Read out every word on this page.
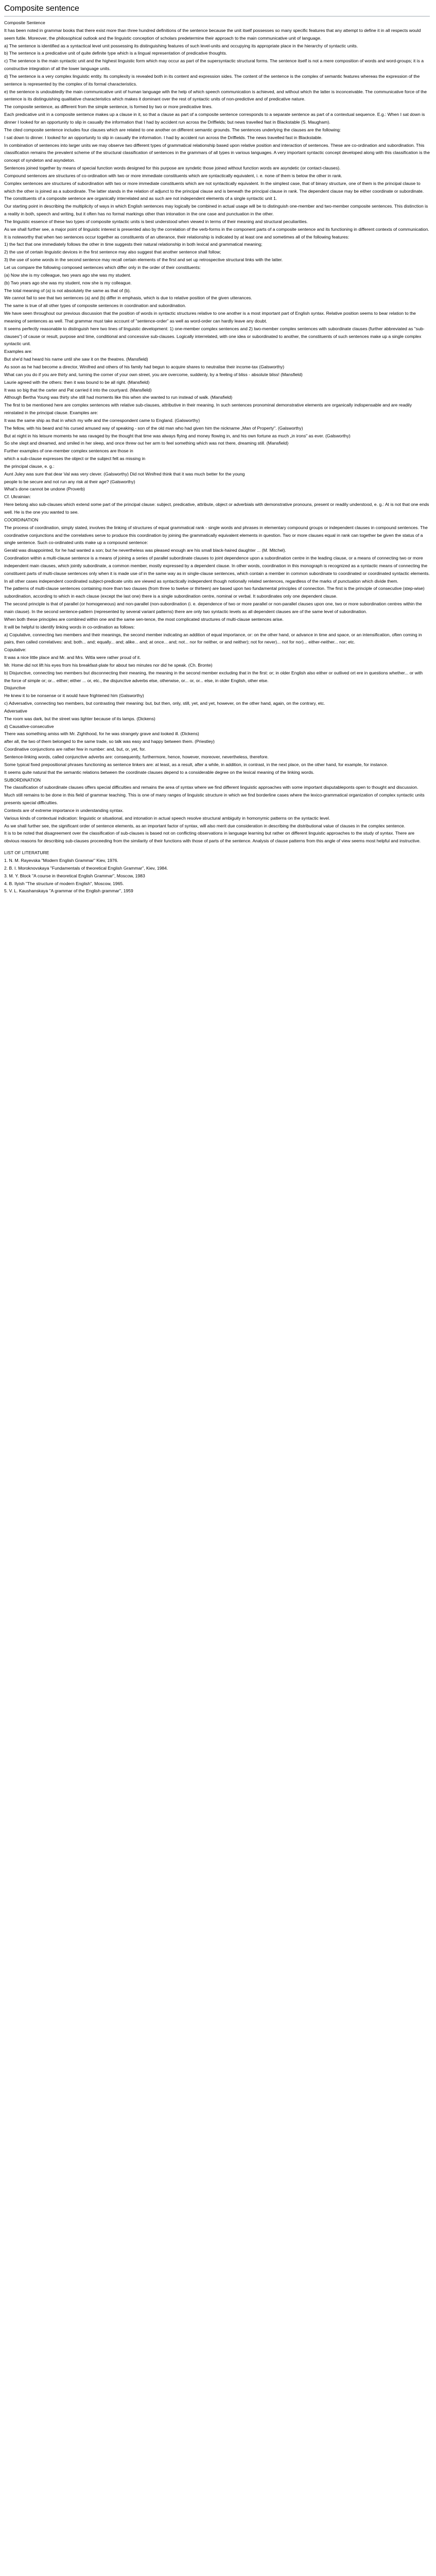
Composite sentence

Composite Sentence

It has been noted in grammar books that there exist more than three hundred definitions of the sentence because the unit itself possesses so many specific features that any attempt to define it in all respects would seem futile. Moreover, the philosophical outlook and the linguistic conception of scholars predetermine their approach to the main communicative unit of language.

a) The sentence is identified as a syntactical level unit possessing its distinguishing features of such level-units and occupying its appropriate place in the hierarchy of syntactic units.

b) The sentence is a predicative unit of quite definite type which is a lingual representation of predicative thoughts.

c) The sentence is the main syntactic unit and the highest linguistic form which may occur as part of the supersyntactic structural forms. The sentence itself is not a mere composition of words and word-groups; it is a constructive integration of all the lower language units.

d) The sentence is a very complex linguistic entity. Its complexity is revealed both in its content and expression sides. The content of the sentence is the complex of semantic features whereas the expression of the sentence is represented by the complex of its formal characteristics.

e) the sentence is undoubtedly the main communicative unit of human language with the help of which speech communication is achieved, and without which the latter is inconceivable. The communicative force of the sentence is its distinguishing qualitative characteristics which makes it dominant over the rest of syntactic units of non-predictive and of predicative nature.

The composite sentence, as different from the simple sentence, is formed by two or more predicative lines.

Each predicative unit in a composite sentence makes up a clause in it, so that a clause as part of a composite sentence corresponds to a separate sentence as part of a contextual sequence. E.g.: When I sat down is dinner I looked for an opportunity to slip in casually the information that I had by accident run across the Driffields; but news travelled fast in Blackstable (S. Maugham).

The cited composite sentence includes four clauses which are related to one another on different semantic grounds. The sentences underlying the clauses are the following:

I sat down to dinner. I looked for an opportunity to slip in casually the information. I had by accident run across the Driffields. The news travelled fast in Blackstable.

In combination of sentences into larger units we may observe two different types of grammatical relationship based upon relative position and interaction of sentences. These are co-ordination and subordination. This classification remains the prevalent scheme of the structural classification of sentences in the grammars of all types in various languages. A very important syntactic concept developed along with this classification is the concept of syndeton and asyndeton.

Sentences joined together by means of special function words designed for this purpose are syndetic those joined without function words are asyndetic (or contact-clauses).

Compound sentences are structures of co-ordination with two or more immediate constituents which are syntactically equivalent, i. e. none of them is below the other in rank.

Complex sentences are structures of subordination with two or more immediate constituents which are not syntactically equivalent. In the simplest case, that of binary structure, one of them is the principal clause to which the other is joined as a subordinate. The latter stands in the relation of adjunct to the principal clause and is beneath the principal clause in rank. The dependent clause may be either coordinate or subordinate.

The constituents of a composite sentence are organically interrelated and as such are not independent elements of a single syntactic unit 1.

Our starting point in describing the multiplicity of ways in which English sentences may logically be combined in actual usage will be to distinguish one-member and two-member composite sentences. This distinction is a reality in both, speech and writing, but it often has no formal markings other than intonation in the one case and punctuation in the other.

The linguistic essence of these two types of composite syntactic units is best understood when viewed in terms of their meaning and structural peculiarities.

As we shall further see, a major point of linguistic interest is presented also by the correlation of the verb-forms in the component parts of a composite sentence and its functioning in different contexts of communication.

It is noteworthy that when two sentences occur together as constituents of an utterance, their relationship is indicated by at least one and sometimes all of the following features:

1) the fact that one immediately follows the other in time suggests their natural relationship in both lexical and grammatical meaning;

2) the use of certain linguistic devices in the first sentence may also suggest that another sentence shall follow;

3) the use of some words in the second sentence may recall certain elements of the first and set up retrospective structural links with the latter.

Let us compare the following composed sentences which differ only in the order of their constituents:

(a) Now she is my colleague, two years ago she was my student.

(b) Two years ago she was my student, now she is my colleague.

The total meaning of (a) is not absolutely the same as that of (b).

We cannot fail to see that two sentences (a) and (b) differ in emphasis, which is due to relative position of the given utterances.

The same is true of all other types of composite sentences in coordination and subordination.

We have seen throughout our previous discussion that the position of words in syntactic structures relative to one another is a most important part of English syntax. Relative position seems to bear relation to the meaning of sentences as well. That grammar must take account of "sentence-order" as well as word-order can hardly leave any doubt.

It seems perfectly reasonable to distinguish here two lines of linguistic development: 1) one-member complex sentences and 2) two-member complex sentences with subordinate clauses (further abbreviated as "sub-clauses") of cause or result, purpose and time, conditional and concessive sub-clauses. Logically interrelated, with one idea or subordinated to another, the constituents of such sentences make up a single complex syntactic unit.

Examples are:

But she'd had heard his name until she saw it on the theatres. (Mansfield)

As soon as he had become a director, Winifred and others of his family had begun to acquire shares to neutralise their income-tax (Galsworthy)

What can you do if you are thirty and, turning the corner of your own street, you are overcome, suddenly, by a feeling of bliss - absolute bliss! (Mansfield)

Laurie agreed with the others: then it was bound to be all right. (Mansfield)

It was so big that the carter and Pat carried it into the courtyard. (Mansfield)

Although Bertha Young was thirty she still had moments like this when she wanted to run instead of walk. (Mansfield)

The first to be mentioned here are complex sentences with relative sub-clauses, attributive in their meaning. In such sentences pronominal demonstrative elements are organically indispensable and are readily reinstated in the principal clause. Examples are:

It was the same ship as that in which my wife and the correspondent came to England. (Galsworthy)

The fellow, with his beard and his cursed amused way of speaking - son of the old man who had given him the nickname „Man of Property". (Galsworthy)

But at night in his leisure moments he was ravaged by the thought that time was always flying and money flowing in, and his own fortune as much „in irons" as ever. (Galsworthy)

So she slept and dreamed, and smiled in her sleep, and once threw out her arm to feel something which was not there, dreaming still. (Mansfield)

Further examples of one-member complex sentences are those in

which a sub-clause expresses the object or the subject felt as missing in

the principal clause, e. g.:

Aunt Juley was sure that dear Val was very clever. (Galsworthy) Did not Winifred think that it was much better for the young

people to be secure and not run any risk at their age? (Galsworthy)

What's done cannot be undone (Proverb)

Cf. Ukrainian:

Here belong also sub-clauses which extend some part of the principal clause: subject, predicative, attribute, object or adverbials with demonstrative pronouns, present or readily understood, e. g.: At is not that one ends well. He is the one you wanted to see.

COORDINATION

The process of coordination, simply stated, involves the linking of structures of equal grammatical rank - single words and phrases in elementary compound groups or independent clauses in compound sentences. The coordinative conjunctions and the correlatives serve to produce this coordination by joining the grammatically equivalent elements in question. Two or more clauses equal in rank can together be given the status of a single sentence. Such co-ordinated units make up a compound sentence:

Gerald was disappointed, for he had wanted a son; but he nevertheless was pleased enough are his small black-haired daughter ... (M. Mitchel).

Coordination within a multi-clause sentence is a means of joining a series of parallel subordinate clauses to joint dependence upon a subordination centre in the leading clause, or a means of connecting two or more independent main clauses, which jointly subordinate, a common member, mostly expressed by a dependent clause. In other words, coordination in this monograph is recognized as a syntactic means of connecting the constituent parts of multi-clause sentences only when it is made use of in the same way as in single-clause sentences, which contain a member in common subordinate to coordinated or coordinated syntactic elements. In all other cases independent coordinated subject-predicate units are viewed as syntactically independent though notionally related sentences, regardless of the marks of punctuation which divide them.

The patterns of multi-clause sentences containing more than two clauses (from three to twelve or thirteen) are based upon two fundamental principles of connection. The first is the principle of consecutive (step-wise) subordination, according to which in each clause (except the last one) there is a single subordination centre, nominal or verbal. It subordinates only one dependent clause.

The second principle is that of parallel (or homogeneous) and non-parallel (non-subordination (i. e. dependence of two or more parallel or non-parallel clauses upon one, two or more subordination centres within the main clause). In the second sentence-pattern (represented by several variant patterns) there are only two syntactic levels as all dependent clauses are of the same level of subordination.

When both these principles are combined within one and the same sen-tence, the most complicated structures of multi-clause sentences arise.

It will be helpful to identify linking words in co-ordination as follows:

a) Copulative, connecting two members and their meanings, the second member indicating an addition of equal importance, or: on the other hand, or advance in time and space, or an intensification, often coming in pairs, then called correlatives: and; both... and; equally... and; alike... and; at once... and; not... nor for neither, or and neither); not for never)... not for nor)... either-neither... nor; etc.

Copulative:

It was a nice little place and Mr. and Mrs. Witla were rather proud of it.

Mr. Home did not lift his eyes from his breakfast-plate for about two minutes nor did he speak. (Ch. Bronte)

b) Disjunctive, connecting two members but disconnecting their meaning, the meaning in the second member excluding that in the first: or; in older English also either or outlived ort ere in questions whether... or with the force of simple or; or... either; either ... or, etc., the disjunctive adverbs else, otherwise, or... or, or... else, in older English, other else.

Disjunctive

He knew it to be nonsense or it would have frightened him (Galsworthy)

c) Adversative, connecting two members, but contrasting their meaning: but, but then, only, still, yet, and yet, however, on the other hand, again, on the contrary, etc.

Adversative

The room was dark, but the street was lighter because of its lamps. (Dickens)

d) Causative-consecutive

There was something amiss with Mr. Zighthood, for he was strangely grave and looked ill. (Dickens)

after all, the two of them belonged to the same trade, so talk was easy and happy between them. (Priestley)

Coordinative conjunctions are rather few in number: and, but, or, yet, for.

Sentence-linking words, called conjunctive adverbs are: consequently, furthermore, hence, however, moreover, nevertheless, therefore.

Some typical fixed prepositional phrases functioning as sentence linkers are: at least, as a result, after a while, in addition, in contrast, in the next place, on the other hand, for example, for instance.

It seems quite natural that the semantic relations between the coordinate clauses depend to a considerable degree on the lexical meaning of the linking words.

SUBORDINATION

The classification of subordinate clauses offers special difficulties and remains the area of syntax where we find different linguistic approaches with some important disputableponts open to thought and discussion. Much still remains to be done in this field of grammar teaching. This is one of many ranges of linguistic structure in which we find borderline cases where the lexico-grammatical organization of complex syntactic units presents special difficulties.

Contexts are of extreme importance in understanding syntax.

Various kinds of contextual indication: linguistic or situational, and intonation in actual speech resolve structural ambiguity in homonymic patterns on the syntactic level.

As we shall further see, the significant order of sentence elements, as an important factor of syntax, will also merit due consideration in describing the distributional value of clauses in the complex sentence.

It is to be noted that disagreement over the classification of sub-clauses is based not on conflicting observations in language learning but rather on different linguistic approaches to the study of syntax. There are obvious reasons for describing sub-clauses proceeding from the similarity of their functions with those of parts of the sentence. Analysis of clause patterns from this angle of view seems most helpful and instructive.

LIST OF LITERATURE

1. N. M. Rayevska "Modern English Grammar" Kiev, 1976.

2. B. I. Moroknovskaya "Fundamentals of theoretical English Grammar", Kiev, 1984.

3. M. Y. Block "A course in theoretical English Grammar", Moscow, 1983

4. B. Ilyish "The structure of modern English", Moscow, 1965.

5. V. L. Kaushanskaya "A grammar of the English grammar", 1959
